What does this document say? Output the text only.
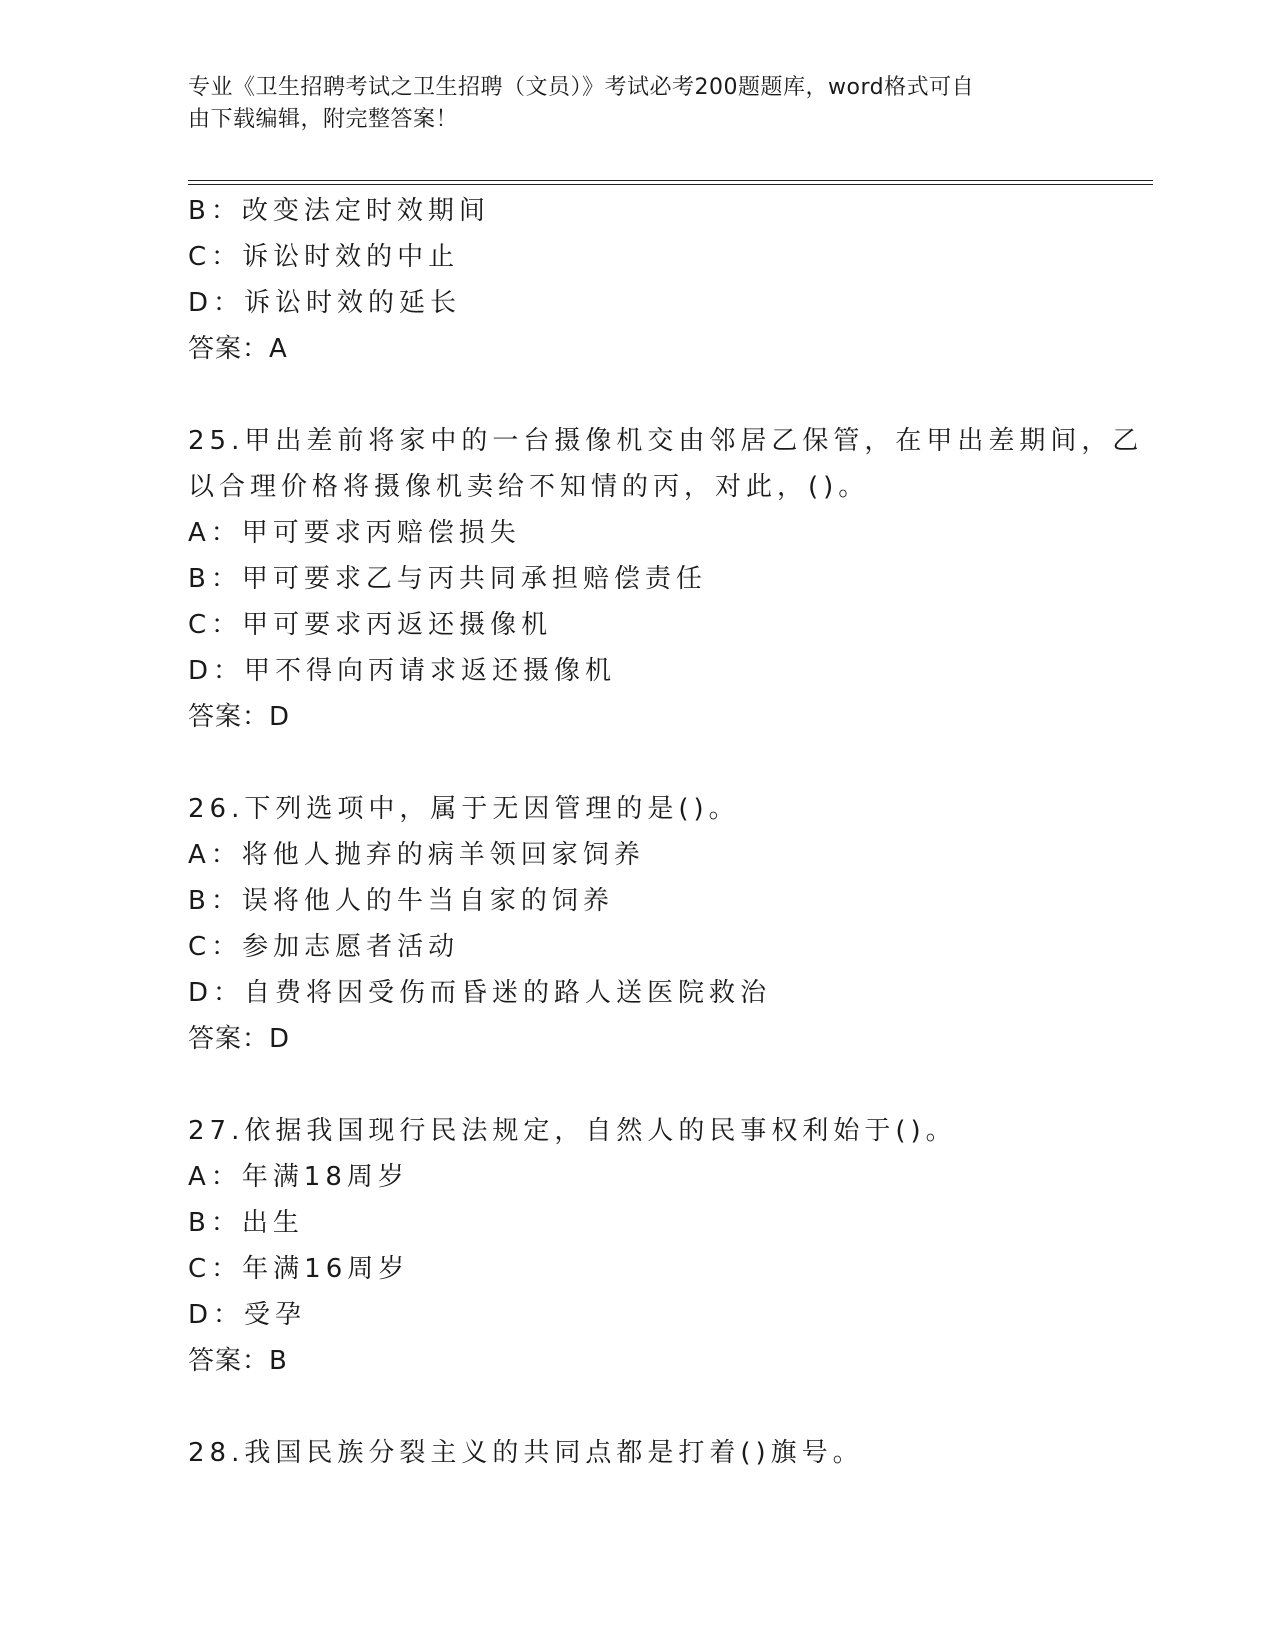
专业《卫生招聘考试之卫生招聘（文员）》考试必考200题题库，word格式可自
由下载编辑，附完整答案！
B：改变法定时效期间
C：诉讼时效的中止
D：诉讼时效的延长
答案：A
25.甲出差前将家中的一台摄像机交由邻居乙保管，在甲出差期间，乙
以合理价格将摄像机卖给不知情的丙，对此，()。
A：甲可要求丙赔偿损失
B：甲可要求乙与丙共同承担赔偿责任
C：甲可要求丙返还摄像机
D：甲不得向丙请求返还摄像机
答案：D
26.下列选项中，属于无因管理的是()。
A：将他人抛弃的病羊领回家饲养
B：误将他人的牛当自家的饲养
C：参加志愿者活动
D：自费将因受伤而昏迷的路人送医院救治
答案：D
27.依据我国现行民法规定，自然人的民事权利始于()。
A：年满18周岁
B：出生
C：年满16周岁
D：受孕
答案：B
28.我国民族分裂主义的共同点都是打着()旗号。
